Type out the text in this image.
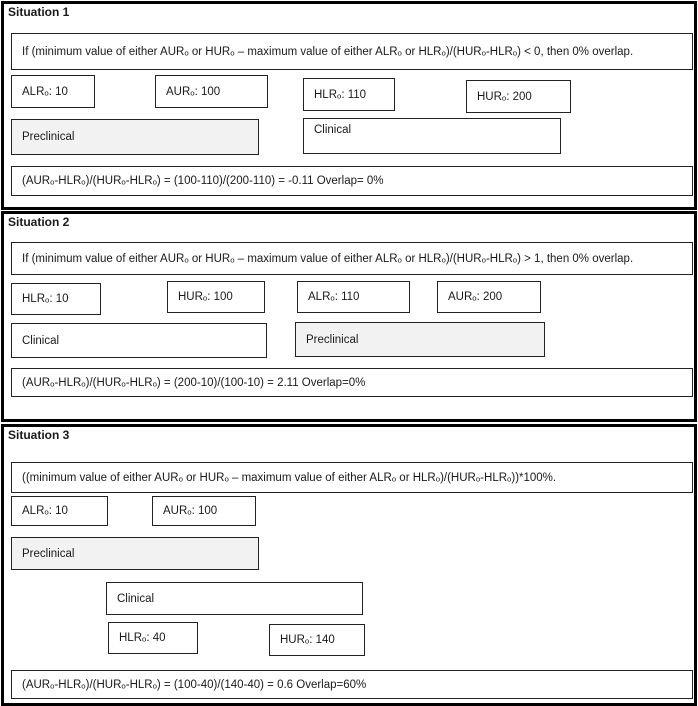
Situation 1
If (minimum value of either AURₒ or HURₒ – maximum value of either ALRₒ or HLRₒ)/(HURₒ-HLRₒ) < 0, then 0% overlap.
ALRₒ: 10	AURₒ: 100	HLRₒ: 110	HURₒ: 200
Preclinical
Clinical
(AURₒ-HLRₒ)/(HURₒ-HLRₒ) = (100-110)/(200-110) = -0.11 Overlap= 0%
Situation 2
If (minimum value of either AURₒ or HURₒ – maximum value of either ALRₒ or HLRₒ)/(HURₒ-HLRₒ) > 1, then 0% overlap.
HLRₒ: 10	HURₒ: 100	ALRₒ: 110	AURₒ: 200
Clinical	Preclinical
(AURₒ-HLRₒ)/(HURₒ-HLRₒ) = (200-10)/(100-10) = 2.11 Overlap=0%
Situation 3
((minimum value of either AURₒ or HURₒ – maximum value of either ALRₒ or HLRₒ)/(HURₒ-HLRₒ))*100%.
ALRₒ: 10	AURₒ: 100
Preclinical
Clinical
HLRₒ: 40	HURₒ: 140
(AURₒ-HLRₒ)/(HURₒ-HLRₒ) = (100-40)/(140-40) = 0.6 Overlap=60%
